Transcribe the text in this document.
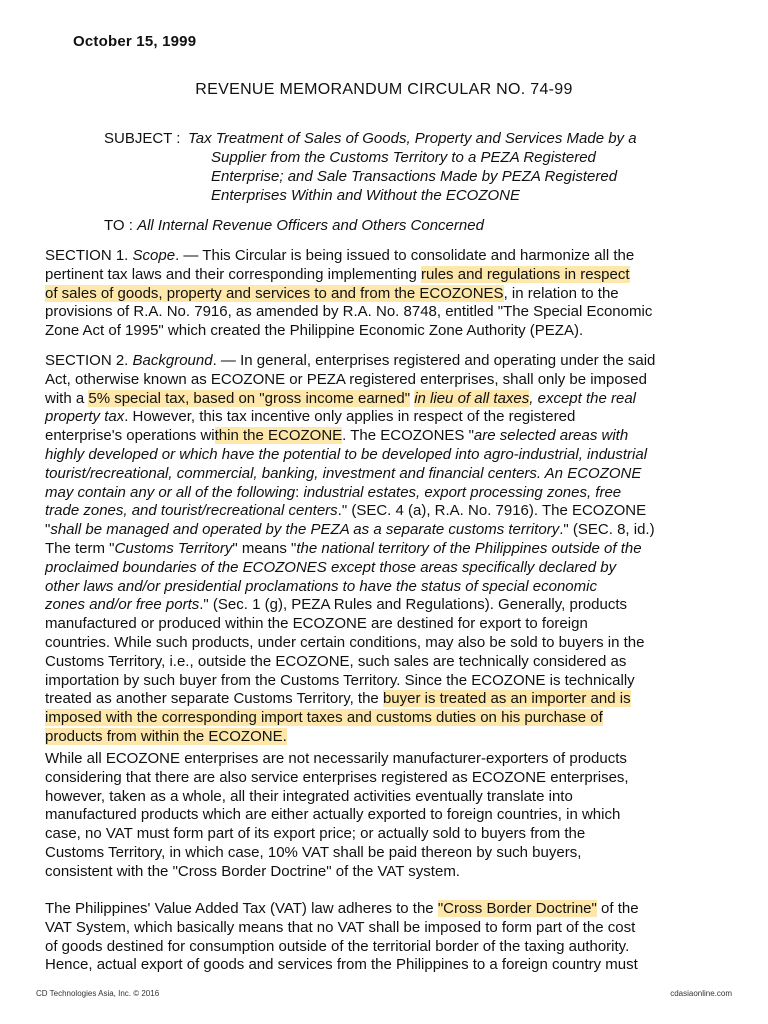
October 15, 1999
REVENUE MEMORANDUM CIRCULAR NO. 74-99
SUBJECT : Tax Treatment of Sales of Goods, Property and Services Made by a
Supplier from the Customs Territory to a PEZA Registered
Enterprise; and Sale Transactions Made by PEZA Registered
Enterprises Within and Without the ECOZONE
TO : All Internal Revenue Officers and Others Concerned
SECTION 1. Scope. — This Circular is being issued to consolidate and harmonize all the
pertinent tax laws and their corresponding implementing rules and regulations in respect
of sales of goods, property and services to and from the ECOZONES, in relation to the
provisions of R.A. No. 7916, as amended by R.A. No. 8748, entitled "The Special Economic
Zone Act of 1995" which created the Philippine Economic Zone Authority (PEZA).
SECTION 2. Background. — In general, enterprises registered and operating under the said
Act, otherwise known as ECOZONE or PEZA registered enterprises, shall only be imposed
with a 5% special tax, based on "gross income earned" in lieu of all taxes, except the real
property tax. However, this tax incentive only applies in respect of the registered
enterprise's operations within the ECOZONE. The ECOZONES "are selected areas with
highly developed or which have the potential to be developed into agro-industrial, industrial
tourist/recreational, commercial, banking, investment and financial centers. An ECOZONE
may contain any or all of the following: industrial estates, export processing zones, free
trade zones, and tourist/recreational centers." (SEC. 4 (a), R.A. No. 7916). The ECOZONE
"shall be managed and operated by the PEZA as a separate customs territory." (SEC. 8, id.)
The term "Customs Territory" means "the national territory of the Philippines outside of the
proclaimed boundaries of the ECOZONES except those areas specifically declared by
other laws and/or presidential proclamations to have the status of special economic
zones and/or free ports." (Sec. 1 (g), PEZA Rules and Regulations). Generally, products
manufactured or produced within the ECOZONE are destined for export to foreign
countries. While such products, under certain conditions, may also be sold to buyers in the
Customs Territory, i.e., outside the ECOZONE, such sales are technically considered as
importation by such buyer from the Customs Territory. Since the ECOZONE is technically
treated as another separate Customs Territory, the buyer is treated as an importer and is
imposed with the corresponding import taxes and customs duties on his purchase of
products from within the ECOZONE.
While all ECOZONE enterprises are not necessarily manufacturer-exporters of products
considering that there are also service enterprises registered as ECOZONE enterprises,
however, taken as a whole, all their integrated activities eventually translate into
manufactured products which are either actually exported to foreign countries, in which
case, no VAT must form part of its export price; or actually sold to buyers from the
Customs Territory, in which case, 10% VAT shall be paid thereon by such buyers,
consistent with the "Cross Border Doctrine" of the VAT system.
The Philippines' Value Added Tax (VAT) law adheres to the "Cross Border Doctrine" of the
VAT System, which basically means that no VAT shall be imposed to form part of the cost
of goods destined for consumption outside of the territorial border of the taxing authority.
Hence, actual export of goods and services from the Philippines to a foreign country must
CD Technologies Asia, Inc. © 2016	cdasiaonline.com
